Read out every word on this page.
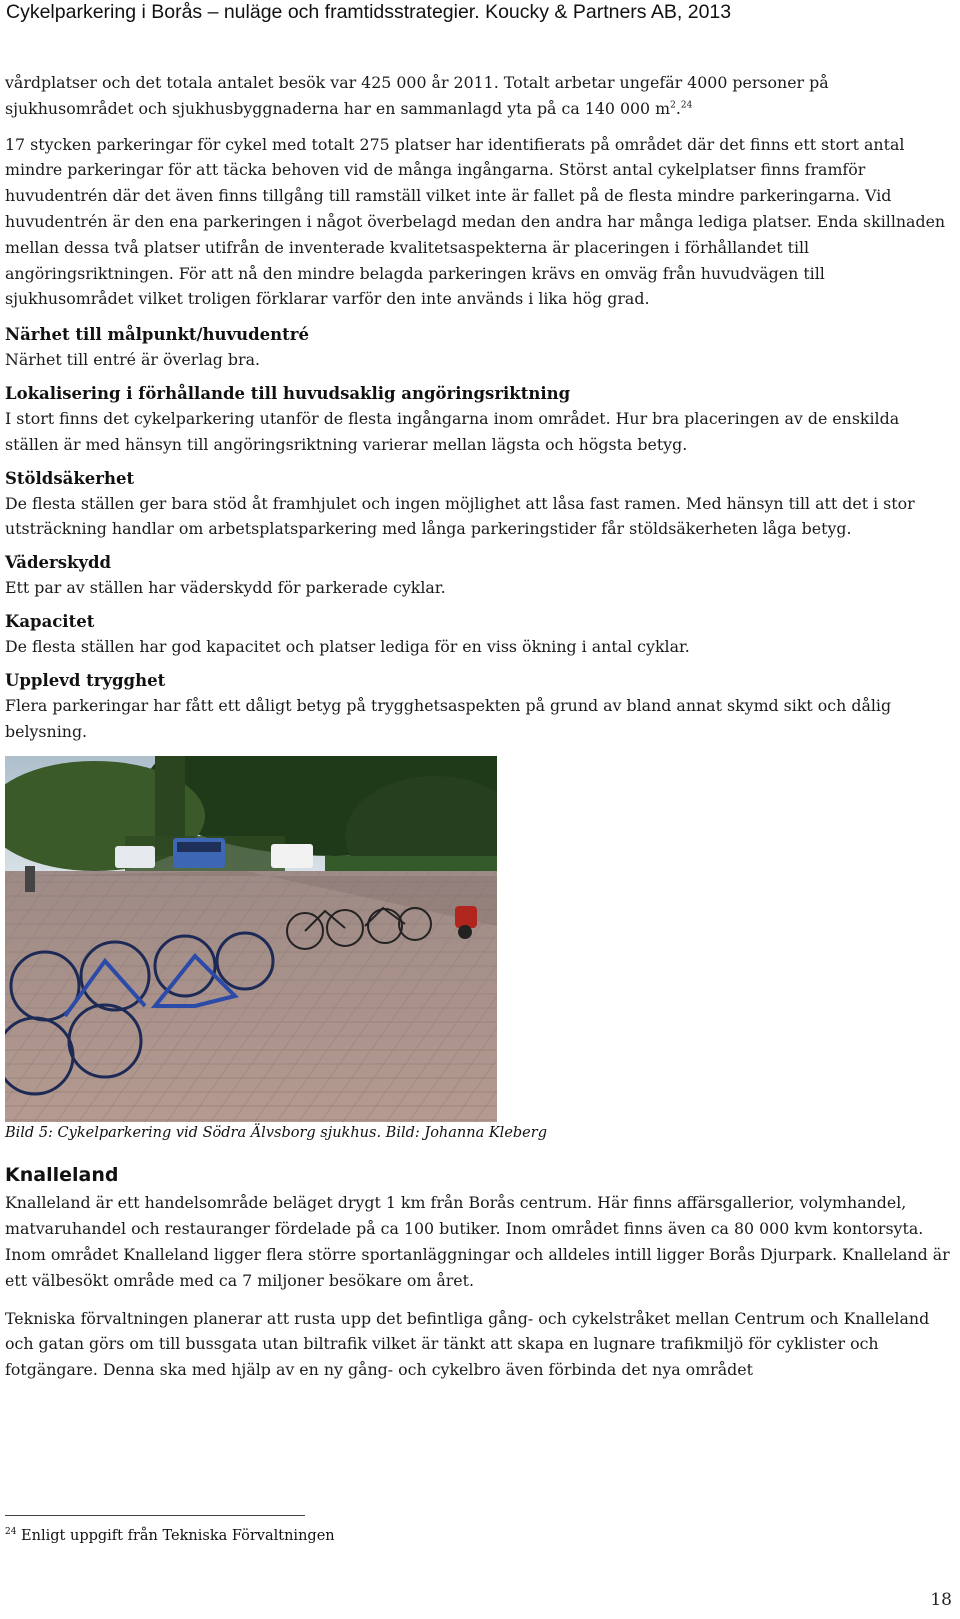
Cykelparkering i Borås – nuläge och framtidsstrategier. Koucky & Partners AB, 2013

vårdplatser och det totala antalet besök var 425 000 år 2011. Totalt arbetar ungefär 4000 personer på sjukhusområdet och sjukhusbyggnaderna har en sammanlagd yta på ca 140 000 $m^2.^{24}$

17 stycken parkeringar för cykel med totalt 275 platser har identifierats på området där det finns ett stort antal mindre parkeringar för att täcka behoven vid de många ingångarna. Störst antal cykelplatser finns framför huvudentrén där det även finns tillgång till ramställ vilket inte är fallet på de flesta mindre parkeringarna. Vid huvudentrén är den ena parkeringen i något överbelagd medan den andra har många lediga platser. Enda skillnaden mellan dessa två platser utifrån de inventerade kvalitetsaspekterna är placeringen i förhållandet till angöringsriktningen. För att nå den mindre belagda parkeringen krävs en omväg från huvudvägen till sjukhusområdet vilket troligen förklarar varför den inte används i lika hög grad.

Närhet till målpunkt/huvudentré

Närhet till entré är överlag bra.

Lokalisering i förhållande till huvudsaklig angöringsriktning

I stort finns det cykelparkering utanför de flesta ingångarna inom området. Hur bra placeringen av de enskilda ställen är med hänsyn till angöringsriktning varierar mellan lägsta och högsta betyg.

Stöldsäkerhet

De flesta ställen ger bara stöd åt framhjulet och ingen möjlighet att låsa fast ramen. Med hänsyn till att det i stor utsträckning handlar om arbetsplatsparkering med långa parkeringstider får stöldsäkerheten låga betyg.

Väderskydd

Ett par av ställen har väderskydd för parkerade cyklar.

Kapacitet

De flesta ställen har god kapacitet och platser lediga för en viss ökning i antal cyklar.

Upplevd trygghet

Flera parkeringar har fått ett dåligt betyg på trygghetsaspekten på grund av bland annat skymd sikt och dålig belysning.

Bild 5: Cykelparkering vid Södra Älvsborg sjukhus. Bild: Johanna Kleberg

Knalleland

Knalleland är ett handelsområde beläget drygt 1 km från Borås centrum. Här finns affärsgallerior, volymhandel, matvaruhandel och restauranger fördelade på ca 100 butiker. Inom området finns även ca 80 000 kvm kontorsyta. Inom området Knalleland ligger flera större sportanläggningar och alldeles intill ligger Borås Djurpark. Knalleland är ett välbesökt område med ca 7 miljoner besökare om året.

Tekniska förvaltningen planerar att rusta upp det befintliga gång- och cykelstråket mellan Centrum och Knalleland och gatan görs om till bussgata utan biltrafik vilket är tänkt att skapa en lugnare trafikmiljö för cyklister och fotgängare. Denna ska med hjälp av en ny gång- och cykelbro även förbinda det nya området

$^{24}$ Enligt uppgift från Tekniska Förvaltningen
18
